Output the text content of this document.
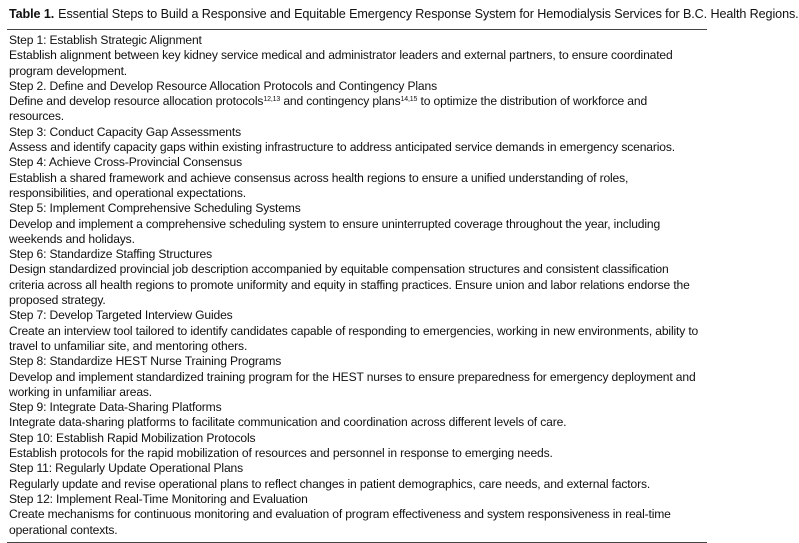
Table 1. Essential Steps to Build a Responsive and Equitable Emergency Response System for Hemodialysis Services for B.C. Health Regions.
Step 1: Establish Strategic Alignment
Establish alignment between key kidney service medical and administrator leaders and external partners, to ensure coordinated program development.
Step 2. Define and Develop Resource Allocation Protocols and Contingency Plans
Define and develop resource allocation protocols$^{12,13}$ and contingency plans$^{14,15}$ to optimize the distribution of workforce and resources.
Step 3: Conduct Capacity Gap Assessments
Assess and identify capacity gaps within existing infrastructure to address anticipated service demands in emergency scenarios.
Step 4: Achieve Cross-Provincial Consensus
Establish a shared framework and achieve consensus across health regions to ensure a unified understanding of roles, responsibilities, and operational expectations.
Step 5: Implement Comprehensive Scheduling Systems
Develop and implement a comprehensive scheduling system to ensure uninterrupted coverage throughout the year, including weekends and holidays.
Step 6: Standardize Staffing Structures
Design standardized provincial job description accompanied by equitable compensation structures and consistent classification criteria across all health regions to promote uniformity and equity in staffing practices. Ensure union and labor relations endorse the proposed strategy.
Step 7: Develop Targeted Interview Guides
Create an interview tool tailored to identify candidates capable of responding to emergencies, working in new environments, ability to travel to unfamiliar site, and mentoring others.
Step 8: Standardize HEST Nurse Training Programs
Develop and implement standardized training program for the HEST nurses to ensure preparedness for emergency deployment and working in unfamiliar areas.
Step 9: Integrate Data-Sharing Platforms
Integrate data-sharing platforms to facilitate communication and coordination across different levels of care.
Step 10: Establish Rapid Mobilization Protocols
Establish protocols for the rapid mobilization of resources and personnel in response to emerging needs.
Step 11: Regularly Update Operational Plans
Regularly update and revise operational plans to reflect changes in patient demographics, care needs, and external factors.
Step 12: Implement Real-Time Monitoring and Evaluation
Create mechanisms for continuous monitoring and evaluation of program effectiveness and system responsiveness in real-time operational contexts.
